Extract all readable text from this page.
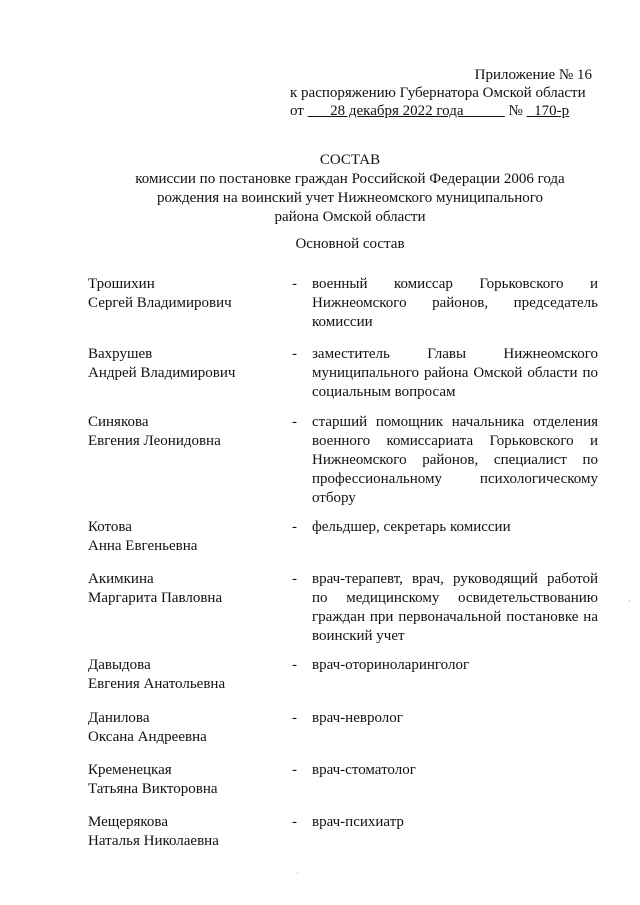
Приложение № 16
к распоряжению Губернатора Омской области
от 28 декабря 2022 года	№ 170-р
СОСТАВ
комиссии по постановке граждан Российской Федерации 2006 года
рождения на воинский учет Нижнеомского муниципального
района Омской области
Основной состав
Трошихин
Сергей Владимирович
-	военный комиссар Горьковского и Нижнеомского районов, председатель комиссии
Вахрушев
Андрей Владимирович
-	заместитель Главы Нижнеомского муниципального района Омской области по социальным вопросам
Синякова
Евгения Леонидовна
-	старший помощник начальника отделения военного комиссариата Горьковского и Нижнеомского районов, специалист по профессиональному психологическому отбору
Котова
Анна Евгеньевна
-	фельдшер, секретарь комиссии
Акимкина
Маргарита Павловна
-	врач-терапевт, врач, руководящий работой по медицинскому освидетельствованию граждан при первоначальной постановке на воинский учет
Давыдова
Евгения Анатольевна
-	врач-оториноларинголог
Данилова
Оксана Андреевна
-	врач-невролог
Кременецкая
Татьяна Викторовна
-	врач-стоматолог
Мещерякова
Наталья Николаевна
-	врач-психиатр
·
·
